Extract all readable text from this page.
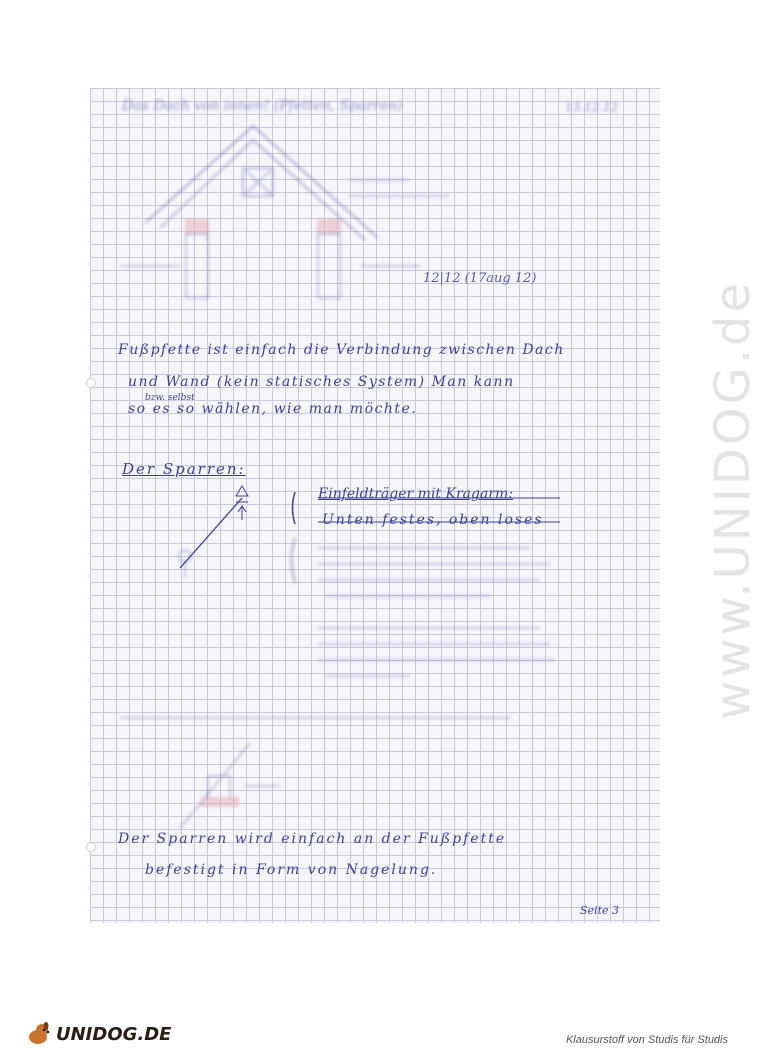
Das Dach von innen! (Pfetten, Sparren)	13.12.12
12|12 (17aug 12)
Fußpfette ist einfach die Verbindung zwischen Dach
bzw. selbst
und Wand (kein statisches System) Man kann
so es so wählen, wie man möchte.
Der Sparren:
Einfeldträger mit Kragarm:
Unten festes, oben loses
Der Sparren wird einfach an der Fußpfette
befestigt in Form von Nagelung.
Seite 3
www.UNIDOG.de
UNIDOG.DE	Klausurstoff von Studis für Studis
